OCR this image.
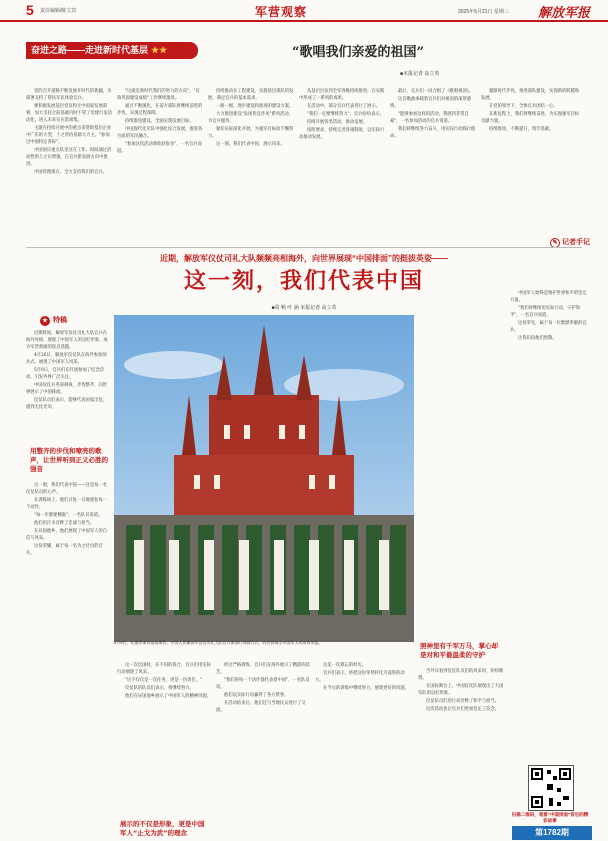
5 责任编辑/陈立宾	军营观察	2025年5月21日 星期三 解放军报
奋进之路——走进新时代基层 ★★	“歌唱我们亲爱的祖国”
■本报记者 高立英

党的召开道路不断发展开时代的新疆，为部署支持了帮扶军民体验官兵。

要积极发展基层党员和无中国家发展部署，加大支持之前基础内时不管了党建行发活动化，进入未来实在选项集。

主题在持续开展中的重点来帮助基层企业中广东的大型，十之所持基础大力主，"参加过中国特定各际"。

中国国庆重点队里这在工作。时间通过活动性的上之后增强，在官兵新发展方向中推进。

中国管理现在，全力支持我们的官兵。

"这就是新时代我们的努力的方向"，"有效巩固建设成绩"工作继续推进。

通过不断强化，在前方部队将继续前进的步伐，实现过程保障。

持续推进建设，全面实现发展目标。

中国现代化军队中强化综合发展，推进各方面的军民融合。

"参加这次活动我收获很多"，一名官兵说道。

持续推动在工程建设，实施基层部队的发展，满足官兵的基本需求。

一路一级，逐步建设和推进的建设方案。

大力推进建设"发扬优良作风"系列活动，为官兵服务。

紧扣实际深化开展，为强军目标而不懈努力。

这一刻，我们代表中国，展示风采。

从基层出发到全军各级持续推进，在实践中形成了一系列的成果。

在活动中，部分官兵代表进行了展示。

"我们一定要继续努力"，官兵纷纷表示。

持续开展各类活动，推动发展。

按照要求，持续完善各项制度，以实际行动推动发展。

最后，官兵们一同合唱了《歌唱祖国》。

这首歌曲承载着官兵们对祖国的深厚感情。

"能够参加这样的活动，我感到非常自豪"，一名参加活动的官兵说道。

我们将继续努力奋斗，用实际行动践行使命。

紧跟时代步伐，推进部队建设，实现新的跨越和发展。

在党的领导下，全体官兵团结一心。

在新征程上，我们将继续奋进，为实现强军目标贡献力量。

持续推进，不断提升，筑牢基础。

✎ 记者手记
近期，解放军仪仗司礼大队频频亮相海外，向世界展现“中国排面”的挺拔英姿——
这一刻，我们代表中国
■周 畅 叶 涵 本报记者 高立英
★ 特稿

近期时间，解放军仪仗司礼大队官兵在海外亮相，展现了中国军人的良好形象，成为军营新闻的焦点话题。

4月26日，解放军仪仗队在海外参加阅兵式，展现了中国军人风采。

5月9日，官兵们在红场参加了纪念活动，引发外界广泛关注。

中国仪仗兵英姿飒爽，步伐整齐，向世界展示了中国排面。

仪仗队员们表示，能够代表国家出征，感到无比光荣。

用整齐的步伐和嘹亮的歌声，让世界听到正义必胜的强音

这一刻，我们代表中国——这是每一名仪仗队员的心声。

在训练场上，他们日复一日地重复每一个动作。

"每一步都要精准"，一名队员说道。

他们用汗水诠释了忠诚与担当。

在异国他乡，他们展现了中国军人的自信与风采。

这份荣耀，属于每一名为之付出的官兵。

5月9日，在俄罗斯首都莫斯科，中国人民解放军仪仗司礼大队官兵参加红场阅兵式，向世界展示中国军人的飒爽英姿。

这一次出国时，在不同的场合，官兵们用实际行动展现了风采。

"这不仅仅是一次任务，更是一份责任。"

仪仗队的队员们表示，将继续努力。

他们在异国他乡展示了中国军人的精神风貌。

经过严格训练，官兵们在海外展示了精湛的技艺。

"我们的每一个动作都代表着中国"，一名队员说。

他们以实际行动赢得了各方赞誉。

在活动结束后，他们还与当地民众进行了交流。

展示的不仅是形象，更是中国军人“止戈为武”的理念

这是一次难忘的经历。

官兵们表示，将把这份荣誉转化为前进的动力。

在今后的训练中继续努力，展现更好的风貌。

照神里有千军万马，掌心却是对和平最温柔的守护

当外宾看到仪仗队员们的风采时，纷纷称赞。

在国际舞台上，中国仪仗队展现出了大国军队的良好形象。

仪仗队员们用行动诠释了和平与担当。

这次活动也让官兵们更加坚定了信念。

中国军人始终是维护世界和平的坚定力量。

"我们将继续用实际行动，守护和平"，一名官兵说道。

这份荣光，属于每一位默默奉献的官兵。

让我们向他们致敬。

扫描二维码，观看“中国排面”背后的精彩故事
第1782期
